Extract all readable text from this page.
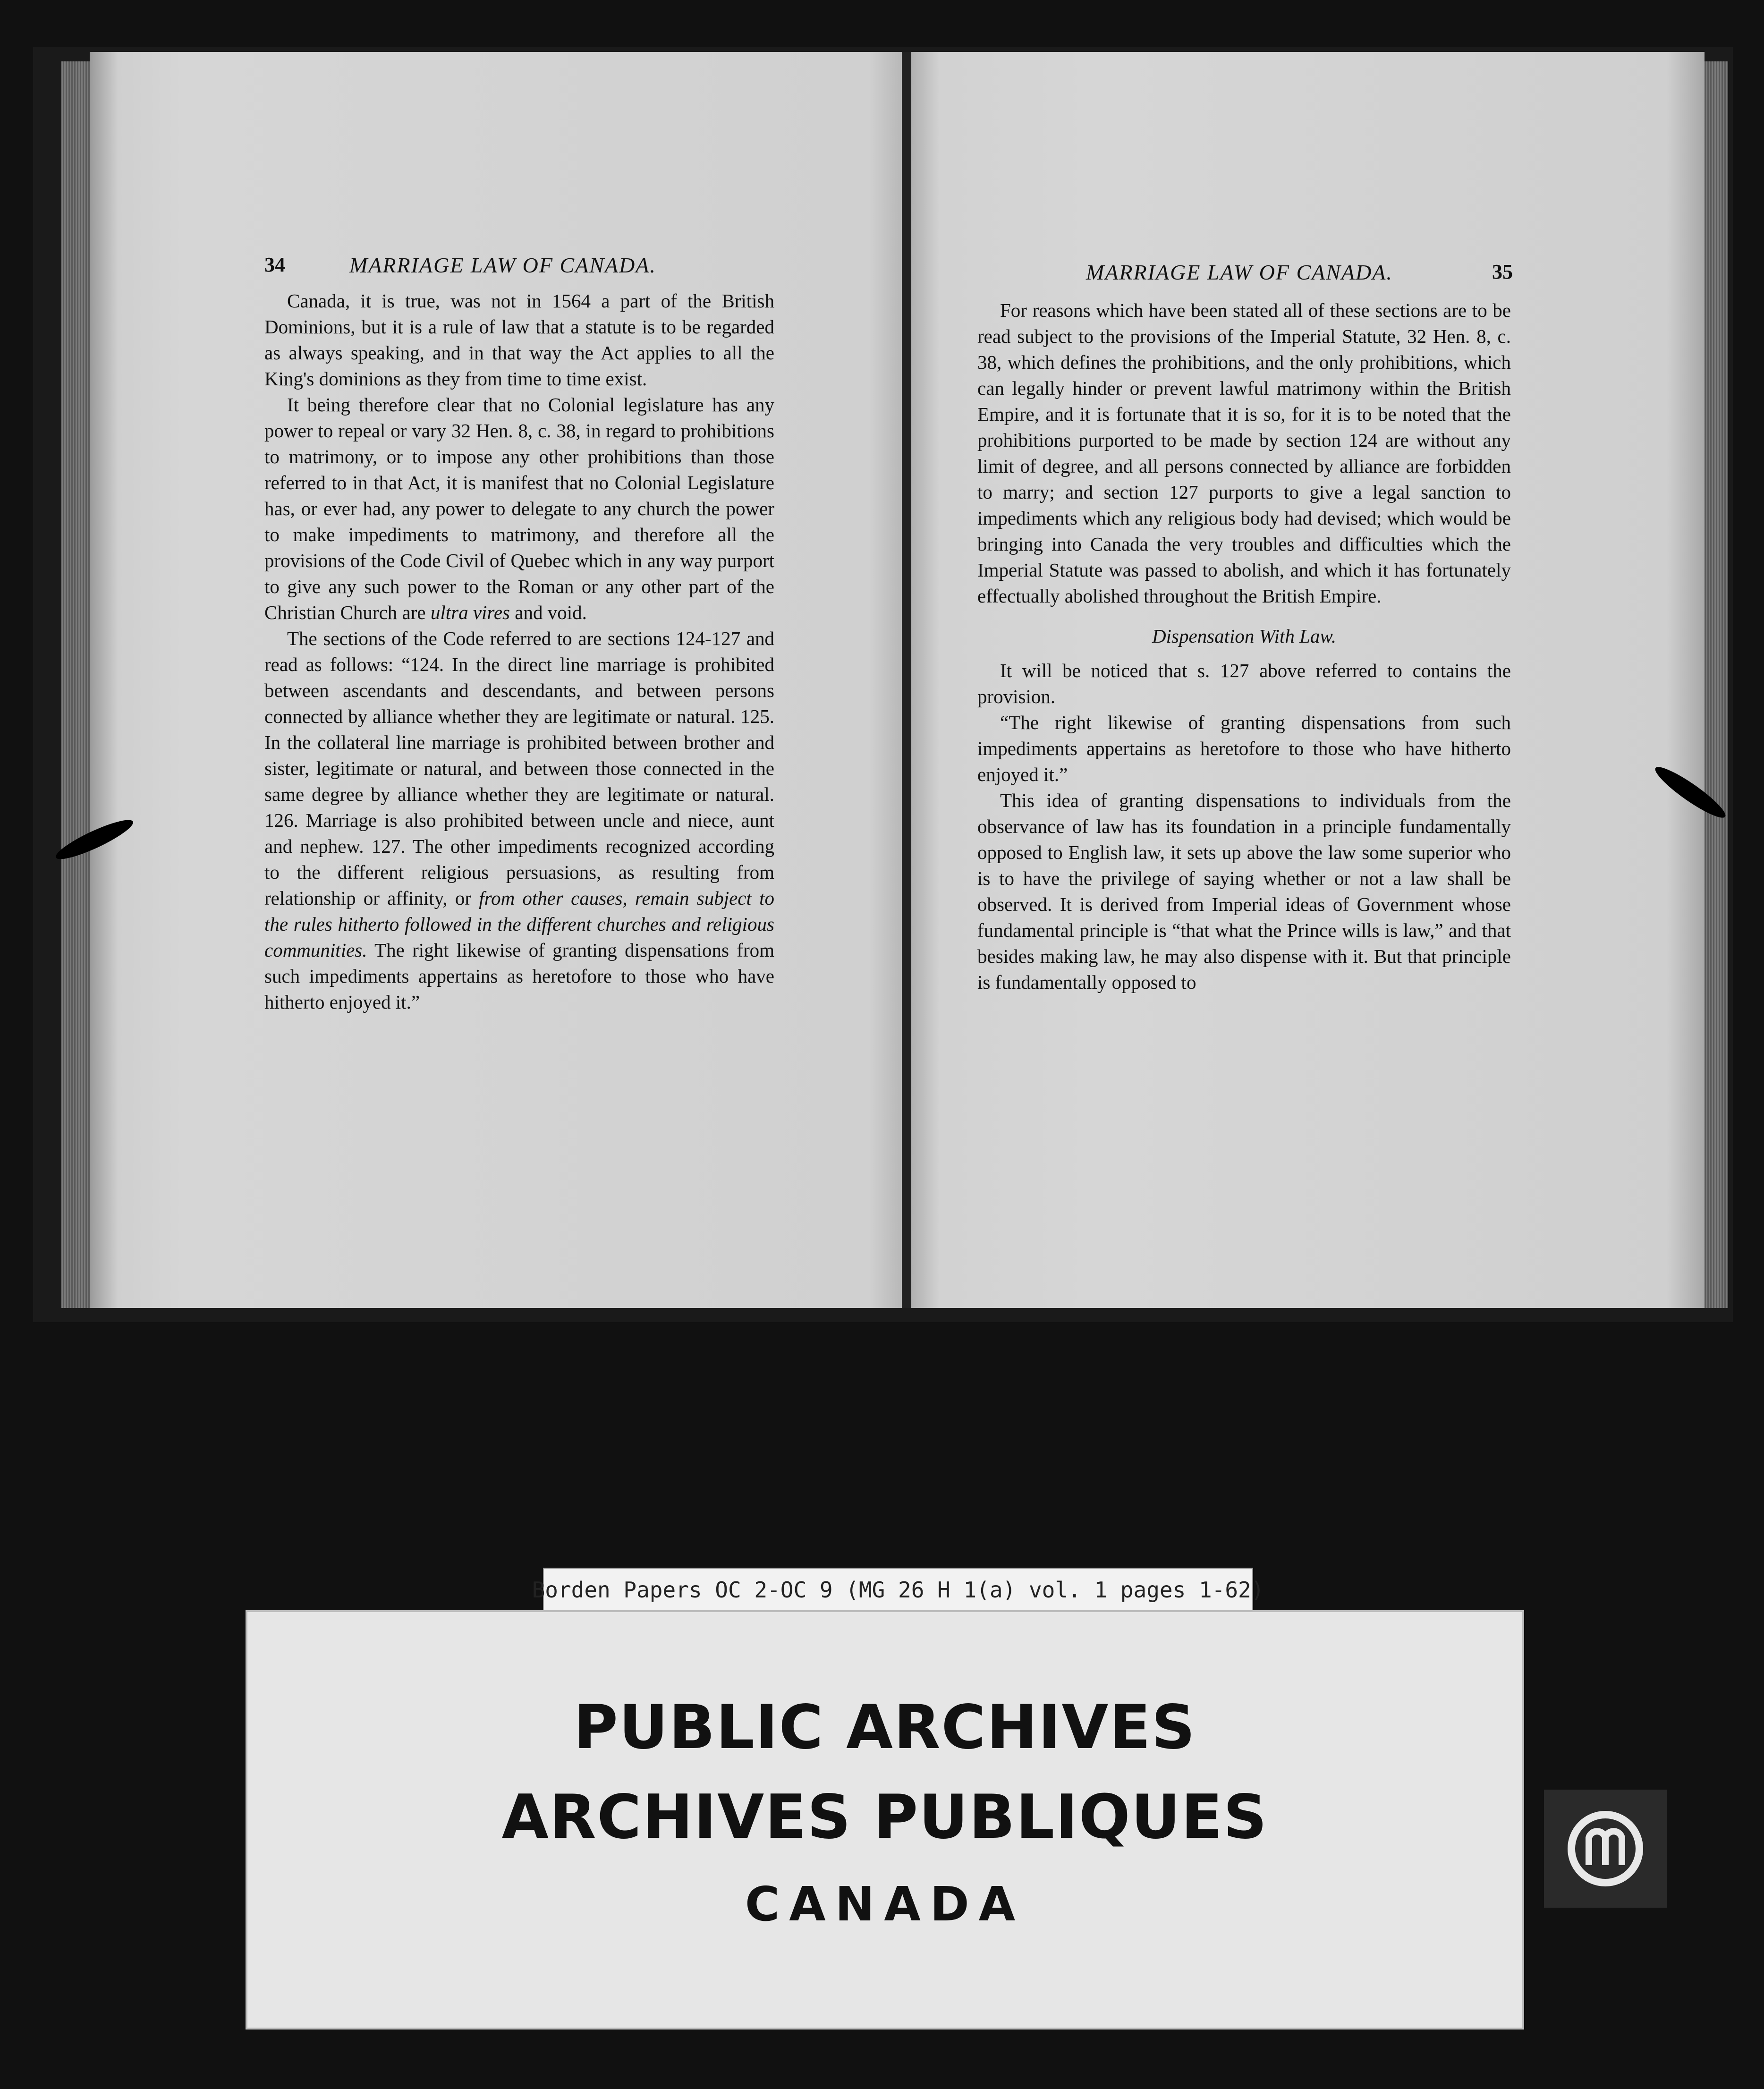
34	MARRIAGE LAW OF CANADA.

Canada, it is true, was not in 1564 a part of the British Dominions, but it is a rule of law that a statute is to be regarded as always speaking, and in that way the Act applies to all the King's dominions as they from time to time exist.

It being therefore clear that no Colonial legislature has any power to repeal or vary 32 Hen. 8, c. 38, in regard to prohibitions to matrimony, or to impose any other prohibitions than those referred to in that Act, it is manifest that no Colonial Legislature has, or ever had, any power to delegate to any church the power to make impediments to matrimony, and therefore all the provisions of the Code Civil of Quebec which in any way purport to give any such power to the Roman or any other part of the Christian Church are ultra vires and void.

The sections of the Code referred to are sections 124-127 and read as follows: “124. In the direct line marriage is prohibited between ascendants and descendants, and between persons connected by alliance whether they are legitimate or natural. 125. In the collateral line marriage is prohibited between brother and sister, legitimate or natural, and between those connected in the same degree by alliance whether they are legitimate or natural. 126. Marriage is also prohibited between uncle and niece, aunt and nephew. 127. The other impediments recognized according to the different religious persuasions, as resulting from relationship or affinity, or from other causes, remain subject to the rules hitherto followed in the different churches and religious communities. The right likewise of granting dispensations from such impediments appertains as heretofore to those who have hitherto enjoyed it.”

MARRIAGE LAW OF CANADA.	35

For reasons which have been stated all of these sections are to be read subject to the provisions of the Imperial Statute, 32 Hen. 8, c. 38, which defines the prohibitions, and the only prohibitions, which can legally hinder or prevent lawful matrimony within the British Empire, and it is fortunate that it is so, for it is to be noted that the prohibitions purported to be made by section 124 are without any limit of degree, and all persons connected by alliance are forbidden to marry; and section 127 purports to give a legal sanction to impediments which any religious body had devised; which would be bringing into Canada the very troubles and difficulties which the Imperial Statute was passed to abolish, and which it has fortunately effectually abolished throughout the British Empire.

Dispensation With Law.

It will be noticed that s. 127 above referred to contains the provision.

“The right likewise of granting dispensations from such impediments appertains as heretofore to those who have hitherto enjoyed it.”

This idea of granting dispensations to individuals from the observance of law has its foundation in a principle fundamentally opposed to English law, it sets up above the law some superior who is to have the privilege of saying whether or not a law shall be observed. It is derived from Imperial ideas of Government whose fundamental principle is “that what the Prince wills is law,” and that besides making law, he may also dispense with it. But that principle is fundamentally opposed to

Borden Papers OC 2-OC 9 (MG 26 H 1(a) vol. 1 pages 1-62)
PUBLIC ARCHIVES
ARCHIVES PUBLIQUES
CANADA
